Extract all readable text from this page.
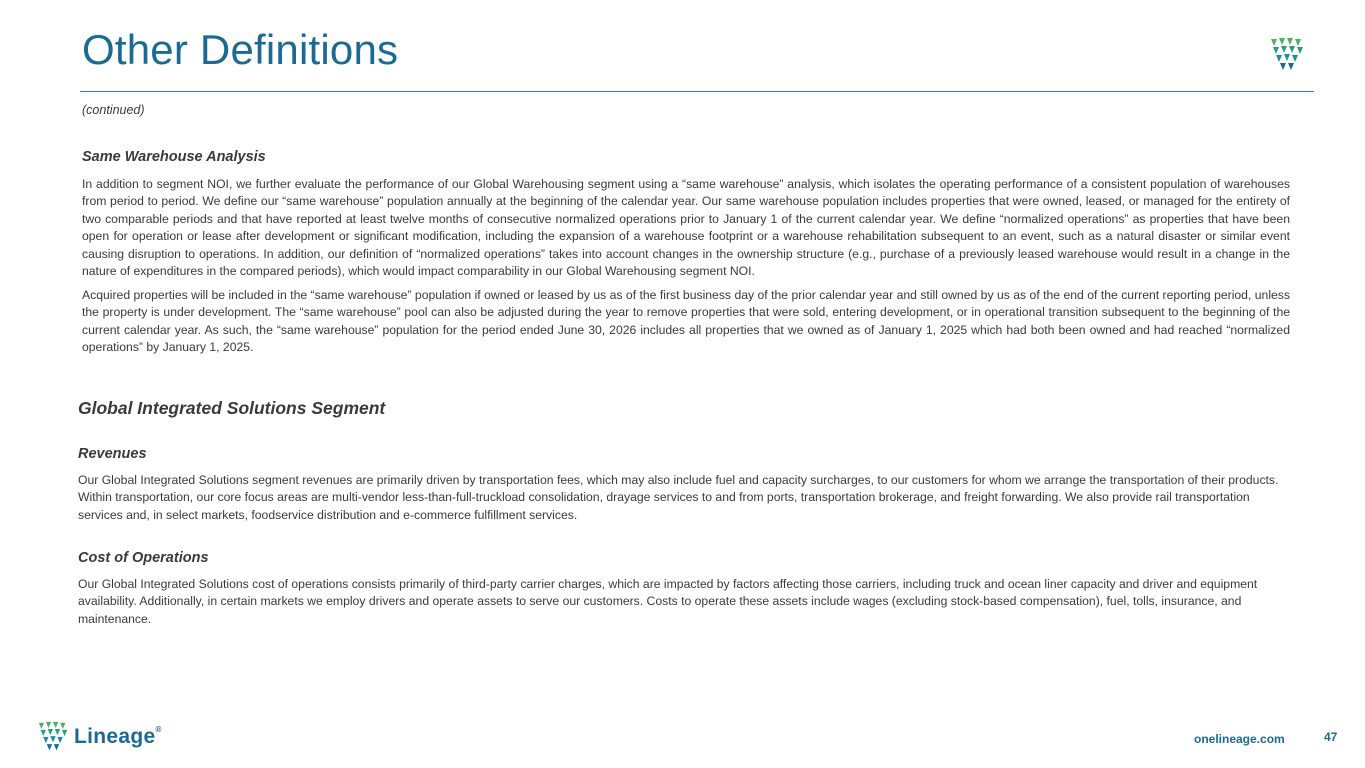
Other Definitions
(continued)
Same Warehouse Analysis

In addition to segment NOI, we further evaluate the performance of our Global Warehousing segment using a “same warehouse” analysis, which isolates the operating performance of a consistent population of warehouses from period to period. We define our “same warehouse” population annually at the beginning of the calendar year. Our same warehouse population includes properties that were owned, leased, or managed for the entirety of two comparable periods and that have reported at least twelve months of consecutive normalized operations prior to January 1 of the current calendar year. We define “normalized operations” as properties that have been open for operation or lease after development or significant modification, including the expansion of a warehouse footprint or a warehouse rehabilitation subsequent to an event, such as a natural disaster or similar event causing disruption to operations. In addition, our definition of “normalized operations” takes into account changes in the ownership structure (e.g., purchase of a previously leased warehouse would result in a change in the nature of expenditures in the compared periods), which would impact comparability in our Global Warehousing segment NOI.

Acquired properties will be included in the “same warehouse” population if owned or leased by us as of the first business day of the prior calendar year and still owned by us as of the end of the current reporting period, unless the property is under development. The “same warehouse” pool can also be adjusted during the year to remove properties that were sold, entering development, or in operational transition subsequent to the beginning of the current calendar year. As such, the “same warehouse” population for the period ended June 30, 2026 includes all properties that we owned as of January 1, 2025 which had both been owned and had reached “normalized operations” by January 1, 2025.

Global Integrated Solutions Segment
Revenues

Our Global Integrated Solutions segment revenues are primarily driven by transportation fees, which may also include fuel and capacity surcharges, to our customers for whom we arrange the transportation of their products. Within transportation, our core focus areas are multi-vendor less-than-full-truckload consolidation, drayage services to and from ports, transportation brokerage, and freight forwarding. We also provide rail transportation services and, in select markets, foodservice distribution and e-commerce fulfillment services.

Cost of Operations

Our Global Integrated Solutions cost of operations consists primarily of third-party carrier charges, which are impacted by factors affecting those carriers, including truck and ocean liner capacity and driver and equipment availability. Additionally, in certain markets we employ drivers and operate assets to serve our customers. Costs to operate these assets include wages (excluding stock-based compensation), fuel, tolls, insurance, and maintenance.

Lineage®
onelineage.com	47
